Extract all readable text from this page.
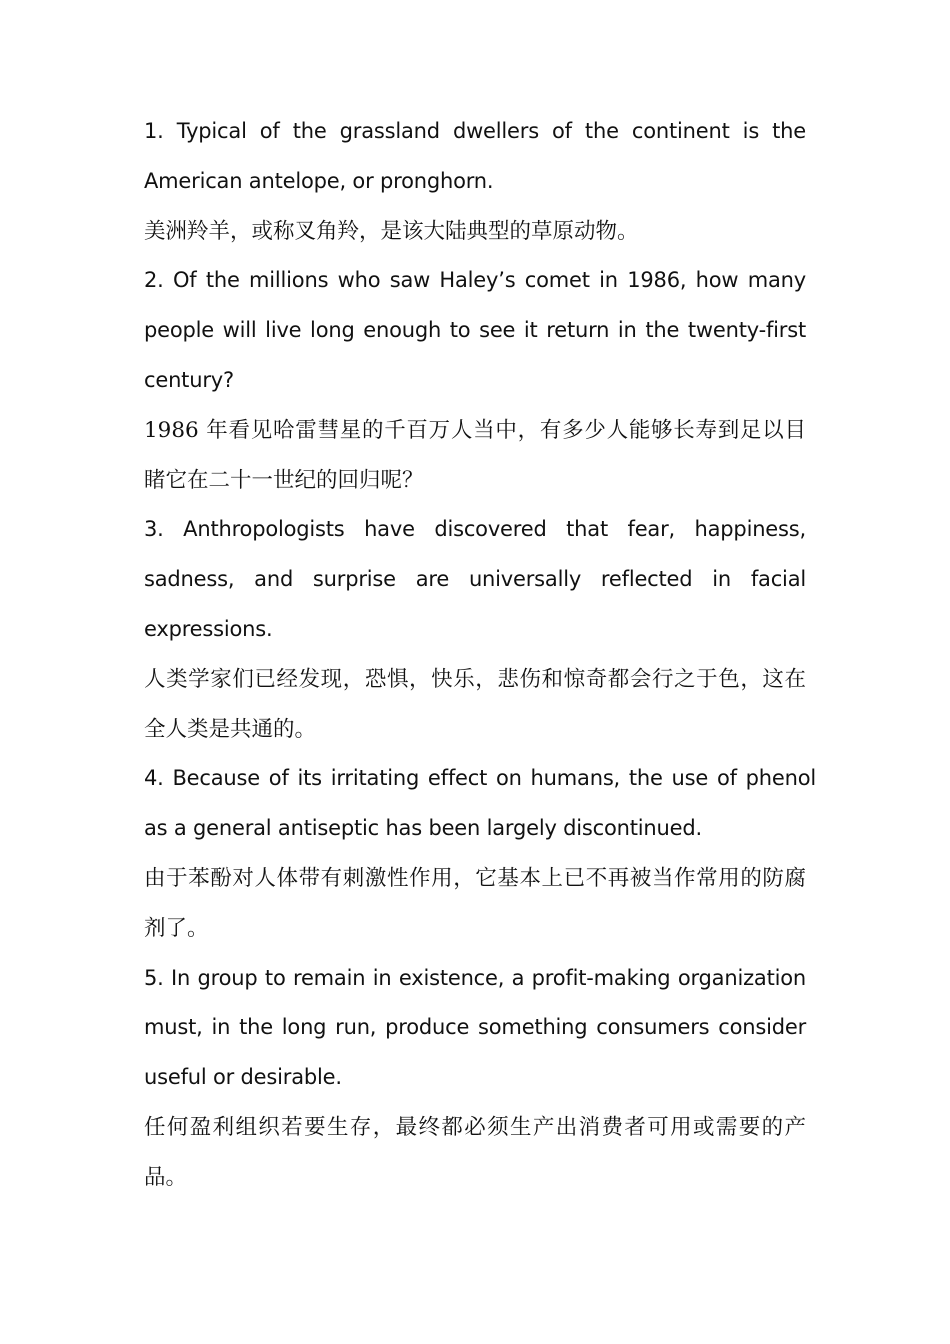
1. Typical of the grassland dwellers of the continent is the American antelope, or pronghorn.

美洲羚羊，或称叉角羚，是该大陆典型的草原动物。

2. Of the millions who saw Haley’s comet in 1986, how many people will live long enough to see it return in the twenty-first century?

1986 年看见哈雷彗星的千百万人当中，有多少人能够长寿到足以目睹它在二十一世纪的回归呢？

3. Anthropologists have discovered that fear, happiness, sadness, and surprise are universally reflected in facial expressions.

人类学家们已经发现，恐惧，快乐，悲伤和惊奇都会行之于色，这在全人类是共通的。

4. Because of its irritating effect on humans, the use of phenol as a general antiseptic has been largely discontinued.

由于苯酚对人体带有刺激性作用，它基本上已不再被当作常用的防腐剂了。

5. In group to remain in existence, a profit-making organization must, in the long run, produce something consumers consider useful or desirable.

任何盈利组织若要生存，最终都必须生产出消费者可用或需要的产品。
